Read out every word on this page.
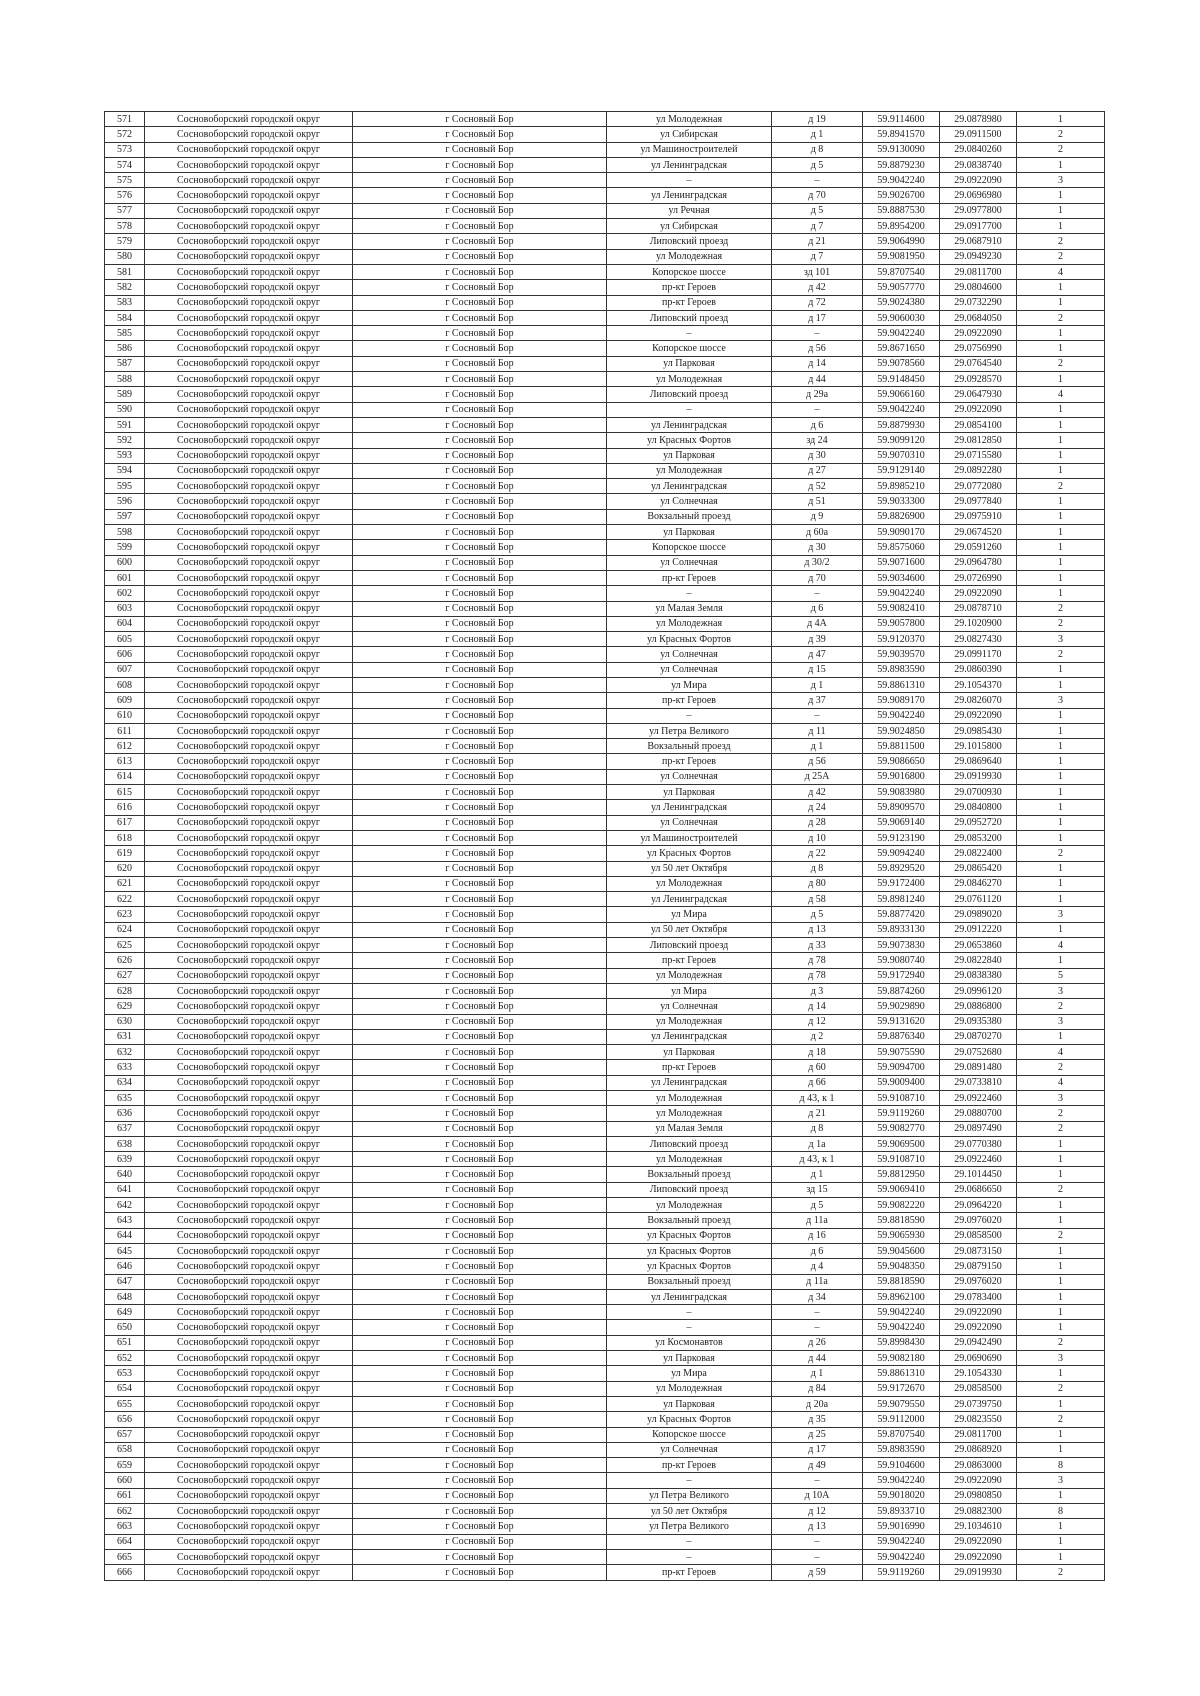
571	Сосновоборский городской округ	г Сосновый Бор	ул Молодежная	д 19	59.9114600	29.0878980	1
572	Сосновоборский городской округ	г Сосновый Бор	ул Сибирская	д 1	59.8941570	29.0911500	2
573	Сосновоборский городской округ	г Сосновый Бор	ул Машиностроителей	д 8	59.9130090	29.0840260	2
574	Сосновоборский городской округ	г Сосновый Бор	ул Ленинградская	д 5	59.8879230	29.0838740	1
575	Сосновоборский городской округ	г Сосновый Бор	–	–	59.9042240	29.0922090	3
576	Сосновоборский городской округ	г Сосновый Бор	ул Ленинградская	д 70	59.9026700	29.0696980	1
577	Сосновоборский городской округ	г Сосновый Бор	ул Речная	д 5	59.8887530	29.0977800	1
578	Сосновоборский городской округ	г Сосновый Бор	ул Сибирская	д 7	59.8954200	29.0917700	1
579	Сосновоборский городской округ	г Сосновый Бор	Липовский проезд	д 21	59.9064990	29.0687910	2
580	Сосновоборский городской округ	г Сосновый Бор	ул Молодежная	д 7	59.9081950	29.0949230	2
581	Сосновоборский городской округ	г Сосновый Бор	Копорское шоссе	зд 101	59.8707540	29.0811700	4
582	Сосновоборский городской округ	г Сосновый Бор	пр-кт Героев	д 42	59.9057770	29.0804600	1
583	Сосновоборский городской округ	г Сосновый Бор	пр-кт Героев	д 72	59.9024380	29.0732290	1
584	Сосновоборский городской округ	г Сосновый Бор	Липовский проезд	д 17	59.9060030	29.0684050	2
585	Сосновоборский городской округ	г Сосновый Бор	–	–	59.9042240	29.0922090	1
586	Сосновоборский городской округ	г Сосновый Бор	Копорское шоссе	д 56	59.8671650	29.0756990	1
587	Сосновоборский городской округ	г Сосновый Бор	ул Парковая	д 14	59.9078560	29.0764540	2
588	Сосновоборский городской округ	г Сосновый Бор	ул Молодежная	д 44	59.9148450	29.0928570	1
589	Сосновоборский городской округ	г Сосновый Бор	Липовский проезд	д 29а	59.9066160	29.0647930	4
590	Сосновоборский городской округ	г Сосновый Бор	–	–	59.9042240	29.0922090	1
591	Сосновоборский городской округ	г Сосновый Бор	ул Ленинградская	д 6	59.8879930	29.0854100	1
592	Сосновоборский городской округ	г Сосновый Бор	ул Красных Фортов	зд 24	59.9099120	29.0812850	1
593	Сосновоборский городской округ	г Сосновый Бор	ул Парковая	д 30	59.9070310	29.0715580	1
594	Сосновоборский городской округ	г Сосновый Бор	ул Молодежная	д 27	59.9129140	29.0892280	1
595	Сосновоборский городской округ	г Сосновый Бор	ул Ленинградская	д 52	59.8985210	29.0772080	2
596	Сосновоборский городской округ	г Сосновый Бор	ул Солнечная	д 51	59.9033300	29.0977840	1
597	Сосновоборский городской округ	г Сосновый Бор	Вокзальный проезд	д 9	59.8826900	29.0975910	1
598	Сосновоборский городской округ	г Сосновый Бор	ул Парковая	д 60а	59.9090170	29.0674520	1
599	Сосновоборский городской округ	г Сосновый Бор	Копорское шоссе	д 30	59.8575060	29.0591260	1
600	Сосновоборский городской округ	г Сосновый Бор	ул Солнечная	д 30/2	59.9071600	29.0964780	1
601	Сосновоборский городской округ	г Сосновый Бор	пр-кт Героев	д 70	59.9034600	29.0726990	1
602	Сосновоборский городской округ	г Сосновый Бор	–	–	59.9042240	29.0922090	1
603	Сосновоборский городской округ	г Сосновый Бор	ул Малая Земля	д 6	59.9082410	29.0878710	2
604	Сосновоборский городской округ	г Сосновый Бор	ул Молодежная	д 4А	59.9057800	29.1020900	2
605	Сосновоборский городской округ	г Сосновый Бор	ул Красных Фортов	д 39	59.9120370	29.0827430	3
606	Сосновоборский городской округ	г Сосновый Бор	ул Солнечная	д 47	59.9039570	29.0991170	2
607	Сосновоборский городской округ	г Сосновый Бор	ул Солнечная	д 15	59.8983590	29.0860390	1
608	Сосновоборский городской округ	г Сосновый Бор	ул Мира	д 1	59.8861310	29.1054370	1
609	Сосновоборский городской округ	г Сосновый Бор	пр-кт Героев	д 37	59.9089170	29.0826070	3
610	Сосновоборский городской округ	г Сосновый Бор	–	–	59.9042240	29.0922090	1
611	Сосновоборский городской округ	г Сосновый Бор	ул Петра Великого	д 11	59.9024850	29.0985430	1
612	Сосновоборский городской округ	г Сосновый Бор	Вокзальный проезд	д 1	59.8811500	29.1015800	1
613	Сосновоборский городской округ	г Сосновый Бор	пр-кт Героев	д 56	59.9086650	29.0869640	1
614	Сосновоборский городской округ	г Сосновый Бор	ул Солнечная	д 25А	59.9016800	29.0919930	1
615	Сосновоборский городской округ	г Сосновый Бор	ул Парковая	д 42	59.9083980	29.0700930	1
616	Сосновоборский городской округ	г Сосновый Бор	ул Ленинградская	д 24	59.8909570	29.0840800	1
617	Сосновоборский городской округ	г Сосновый Бор	ул Солнечная	д 28	59.9069140	29.0952720	1
618	Сосновоборский городской округ	г Сосновый Бор	ул Машиностроителей	д 10	59.9123190	29.0853200	1
619	Сосновоборский городской округ	г Сосновый Бор	ул Красных Фортов	д 22	59.9094240	29.0822400	2
620	Сосновоборский городской округ	г Сосновый Бор	ул 50 лет Октября	д 8	59.8929520	29.0865420	1
621	Сосновоборский городской округ	г Сосновый Бор	ул Молодежная	д 80	59.9172400	29.0846270	1
622	Сосновоборский городской округ	г Сосновый Бор	ул Ленинградская	д 58	59.8981240	29.0761120	1
623	Сосновоборский городской округ	г Сосновый Бор	ул Мира	д 5	59.8877420	29.0989020	3
624	Сосновоборский городской округ	г Сосновый Бор	ул 50 лет Октября	д 13	59.8933130	29.0912220	1
625	Сосновоборский городской округ	г Сосновый Бор	Липовский проезд	д 33	59.9073830	29.0653860	4
626	Сосновоборский городской округ	г Сосновый Бор	пр-кт Героев	д 78	59.9080740	29.0822840	1
627	Сосновоборский городской округ	г Сосновый Бор	ул Молодежная	д 78	59.9172940	29.0838380	5
628	Сосновоборский городской округ	г Сосновый Бор	ул Мира	д 3	59.8874260	29.0996120	3
629	Сосновоборский городской округ	г Сосновый Бор	ул Солнечная	д 14	59.9029890	29.0886800	2
630	Сосновоборский городской округ	г Сосновый Бор	ул Молодежная	д 12	59.9131620	29.0935380	3
631	Сосновоборский городской округ	г Сосновый Бор	ул Ленинградская	д 2	59.8876340	29.0870270	1
632	Сосновоборский городской округ	г Сосновый Бор	ул Парковая	д 18	59.9075590	29.0752680	4
633	Сосновоборский городской округ	г Сосновый Бор	пр-кт Героев	д 60	59.9094700	29.0891480	2
634	Сосновоборский городской округ	г Сосновый Бор	ул Ленинградская	д 66	59.9009400	29.0733810	4
635	Сосновоборский городской округ	г Сосновый Бор	ул Молодежная	д 43, к 1	59.9108710	29.0922460	3
636	Сосновоборский городской округ	г Сосновый Бор	ул Молодежная	д 21	59.9119260	29.0880700	2
637	Сосновоборский городской округ	г Сосновый Бор	ул Малая Земля	д 8	59.9082770	29.0897490	2
638	Сосновоборский городской округ	г Сосновый Бор	Липовский проезд	д 1а	59.9069500	29.0770380	1
639	Сосновоборский городской округ	г Сосновый Бор	ул Молодежная	д 43, к 1	59.9108710	29.0922460	1
640	Сосновоборский городской округ	г Сосновый Бор	Вокзальный проезд	д 1	59.8812950	29.1014450	1
641	Сосновоборский городской округ	г Сосновый Бор	Липовский проезд	зд 15	59.9069410	29.0686650	2
642	Сосновоборский городской округ	г Сосновый Бор	ул Молодежная	д 5	59.9082220	29.0964220	1
643	Сосновоборский городской округ	г Сосновый Бор	Вокзальный проезд	д 11а	59.8818590	29.0976020	1
644	Сосновоборский городской округ	г Сосновый Бор	ул Красных Фортов	д 16	59.9065930	29.0858500	2
645	Сосновоборский городской округ	г Сосновый Бор	ул Красных Фортов	д 6	59.9045600	29.0873150	1
646	Сосновоборский городской округ	г Сосновый Бор	ул Красных Фортов	д 4	59.9048350	29.0879150	1
647	Сосновоборский городской округ	г Сосновый Бор	Вокзальный проезд	д 11а	59.8818590	29.0976020	1
648	Сосновоборский городской округ	г Сосновый Бор	ул Ленинградская	д 34	59.8962100	29.0783400	1
649	Сосновоборский городской округ	г Сосновый Бор	–	–	59.9042240	29.0922090	1
650	Сосновоборский городской округ	г Сосновый Бор	–	–	59.9042240	29.0922090	1
651	Сосновоборский городской округ	г Сосновый Бор	ул Космонавтов	д 26	59.8998430	29.0942490	2
652	Сосновоборский городской округ	г Сосновый Бор	ул Парковая	д 44	59.9082180	29.0690690	3
653	Сосновоборский городской округ	г Сосновый Бор	ул Мира	д 1	59.8861310	29.1054330	1
654	Сосновоборский городской округ	г Сосновый Бор	ул Молодежная	д 84	59.9172670	29.0858500	2
655	Сосновоборский городской округ	г Сосновый Бор	ул Парковая	д 20а	59.9079550	29.0739750	1
656	Сосновоборский городской округ	г Сосновый Бор	ул Красных Фортов	д 35	59.9112000	29.0823550	2
657	Сосновоборский городской округ	г Сосновый Бор	Копорское шоссе	д 25	59.8707540	29.0811700	1
658	Сосновоборский городской округ	г Сосновый Бор	ул Солнечная	д 17	59.8983590	29.0868920	1
659	Сосновоборский городской округ	г Сосновый Бор	пр-кт Героев	д 49	59.9104600	29.0863000	8
660	Сосновоборский городской округ	г Сосновый Бор	–	–	59.9042240	29.0922090	3
661	Сосновоборский городской округ	г Сосновый Бор	ул Петра Великого	д 10А	59.9018020	29.0980850	1
662	Сосновоборский городской округ	г Сосновый Бор	ул 50 лет Октября	д 12	59.8933710	29.0882300	8
663	Сосновоборский городской округ	г Сосновый Бор	ул Петра Великого	д 13	59.9016990	29.1034610	1
664	Сосновоборский городской округ	г Сосновый Бор	–	–	59.9042240	29.0922090	1
665	Сосновоборский городской округ	г Сосновый Бор	–	–	59.9042240	29.0922090	1
666	Сосновоборский городской округ	г Сосновый Бор	пр-кт Героев	д 59	59.9119260	29.0919930	2
